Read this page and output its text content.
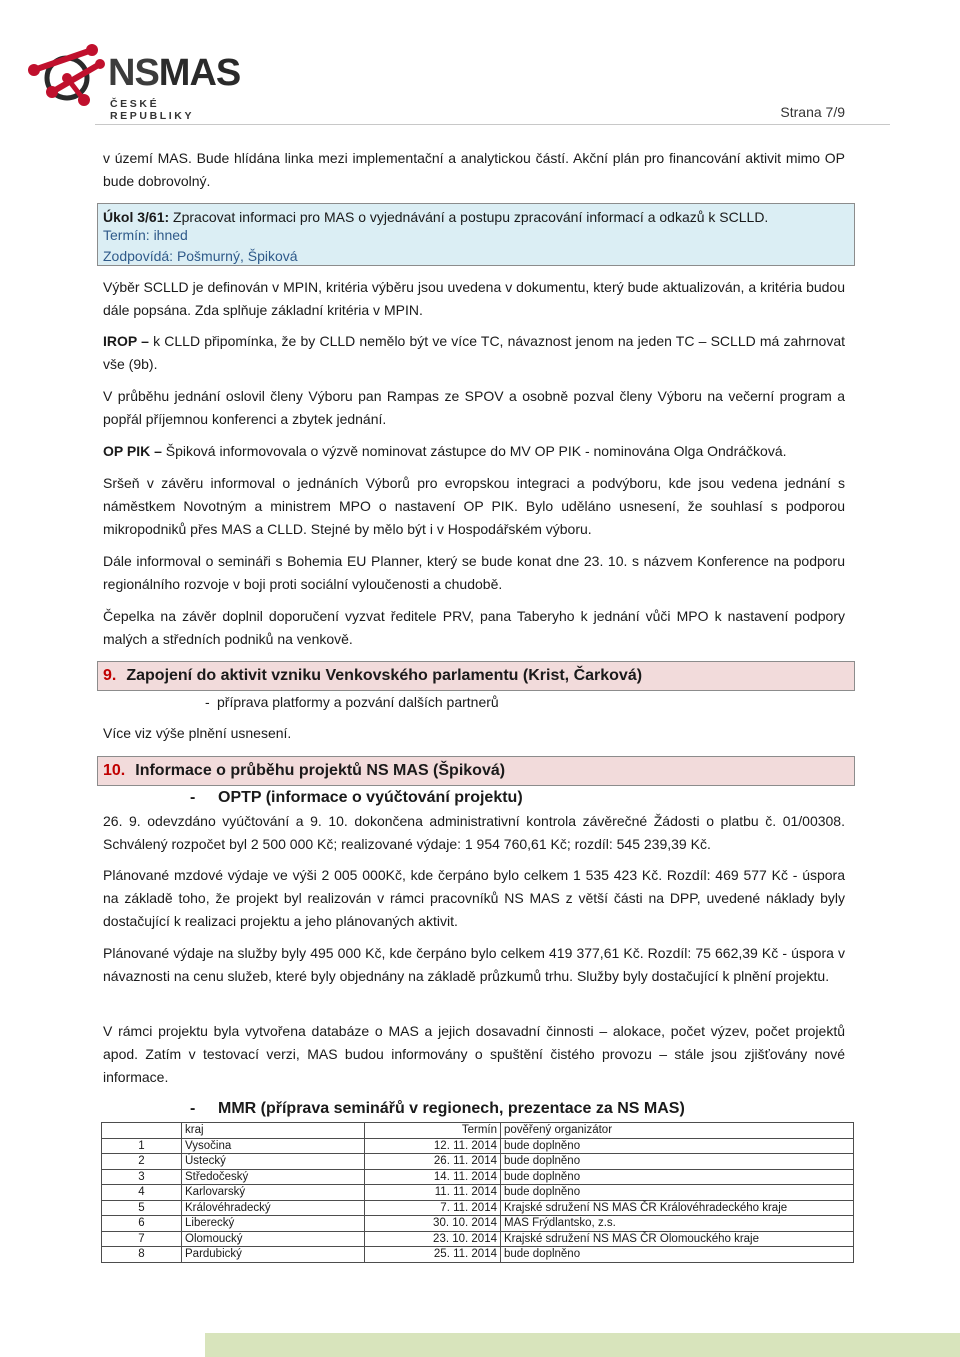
NSMAS
ČESKÉ REPUBLIKY	Strana 7/9

v území MAS. Bude hlídána linka mezi implementační a analytickou částí. Akční plán pro financování aktivit mimo OP bude dobrovolný.

Úkol 3/61: Zpracovat informaci pro MAS o vyjednávání a postupu zpracování informací a odkazů k SCLLD.
Termín: ihned
Zodpovídá: Pošmurný, Špiková

Výběr SCLLD je definován v MPIN, kritéria výběru jsou uvedena v dokumentu, který bude aktualizován, a kritéria budou dále popsána. Zda splňuje základní kritéria v MPIN.

IROP – k CLLD připomínka, že by CLLD nemělo být ve více TC, návaznost jenom na jeden TC – SCLLD má zahrnovat vše (9b).

V průběhu jednání oslovil členy Výboru pan Rampas ze SPOV a osobně pozval členy Výboru na večerní program a popřál příjemnou konferenci a zbytek jednání.

OP PIK – Špiková informovovala o výzvě nominovat zástupce do MV OP PIK - nominována Olga Ondráčková.

Sršeň v závěru informoval o jednáních Výborů pro evropskou integraci a podvýboru, kde jsou vedena jednání s náměstkem Novotným a ministrem MPO o nastavení OP PIK. Bylo uděláno usnesení, že souhlasí s podporou mikropodniků přes MAS a CLLD. Stejné by mělo být i v Hospodářském výboru.

Dále informoval o semináři s Bohemia EU Planner, který se bude konat dne 23. 10. s názvem Konference na podporu regionálního rozvoje v boji proti sociální vyloučenosti a chudobě.

Čepelka na závěr doplnil doporučení vyzvat ředitele PRV, pana Taberyho k jednání vůči MPO k nastavení podpory malých a středních podniků na venkově.

9. Zapojení do aktivit vzniku Venkovského parlamentu (Krist, Čarková)
- příprava platformy a pozvání dalších partnerů
Více viz výše plnění usnesení.
10. Informace o průběhu projektů NS MAS (Špiková)
- OPTP (informace o vyúčtování projektu)

26. 9. odevzdáno vyúčtování a 9. 10. dokončena administrativní kontrola závěrečné Žádosti o platbu č. 01/00308. Schválený rozpočet byl 2 500 000 Kč; realizované výdaje: 1 954 760,61 Kč; rozdíl: 545 239,39 Kč.

Plánované mzdové výdaje ve výši 2 005 000Kč, kde čerpáno bylo celkem 1 535 423 Kč. Rozdíl: 469 577 Kč - úspora na základě toho, že projekt byl realizován v rámci pracovníků NS MAS z větší části na DPP, uvedené náklady byly dostačující k realizaci projektu a jeho plánovaných aktivit.

Plánované výdaje na služby byly 495 000 Kč, kde čerpáno bylo celkem 419 377,61 Kč. Rozdíl: 75 662,39 Kč - úspora v návaznosti na cenu služeb, které byly objednány na základě průzkumů trhu. Služby byly dostačující k plnění projektu.

V rámci projektu byla vytvořena databáze o MAS a jejich dosavadní činnosti – alokace, počet výzev, počet projektů apod. Zatím v testovací verzi, MAS budou informovány o spuštění čistého provozu – stále jsou zjišťovány nové informace.

- MMR (příprava seminářů v regionech, prezentace za NS MAS)
	kraj	Termín	pověřený organizátor
1	Vysočina	12. 11. 2014	bude doplněno
2	Ústecký	26. 11. 2014	bude doplněno
3	Středočeský	14. 11. 2014	bude doplněno
4	Karlovarský	11. 11. 2014	bude doplněno
5	Královéhradecký	7. 11. 2014	Krajské sdružení NS MAS ČR Královéhradeckého kraje
6	Liberecký	30. 10. 2014	MAS Frýdlantsko, z.s.
7	Olomoucký	23. 10. 2014	Krajské sdružení NS MAS ČR Olomouckého kraje
8	Pardubický	25. 11. 2014	bude doplněno
